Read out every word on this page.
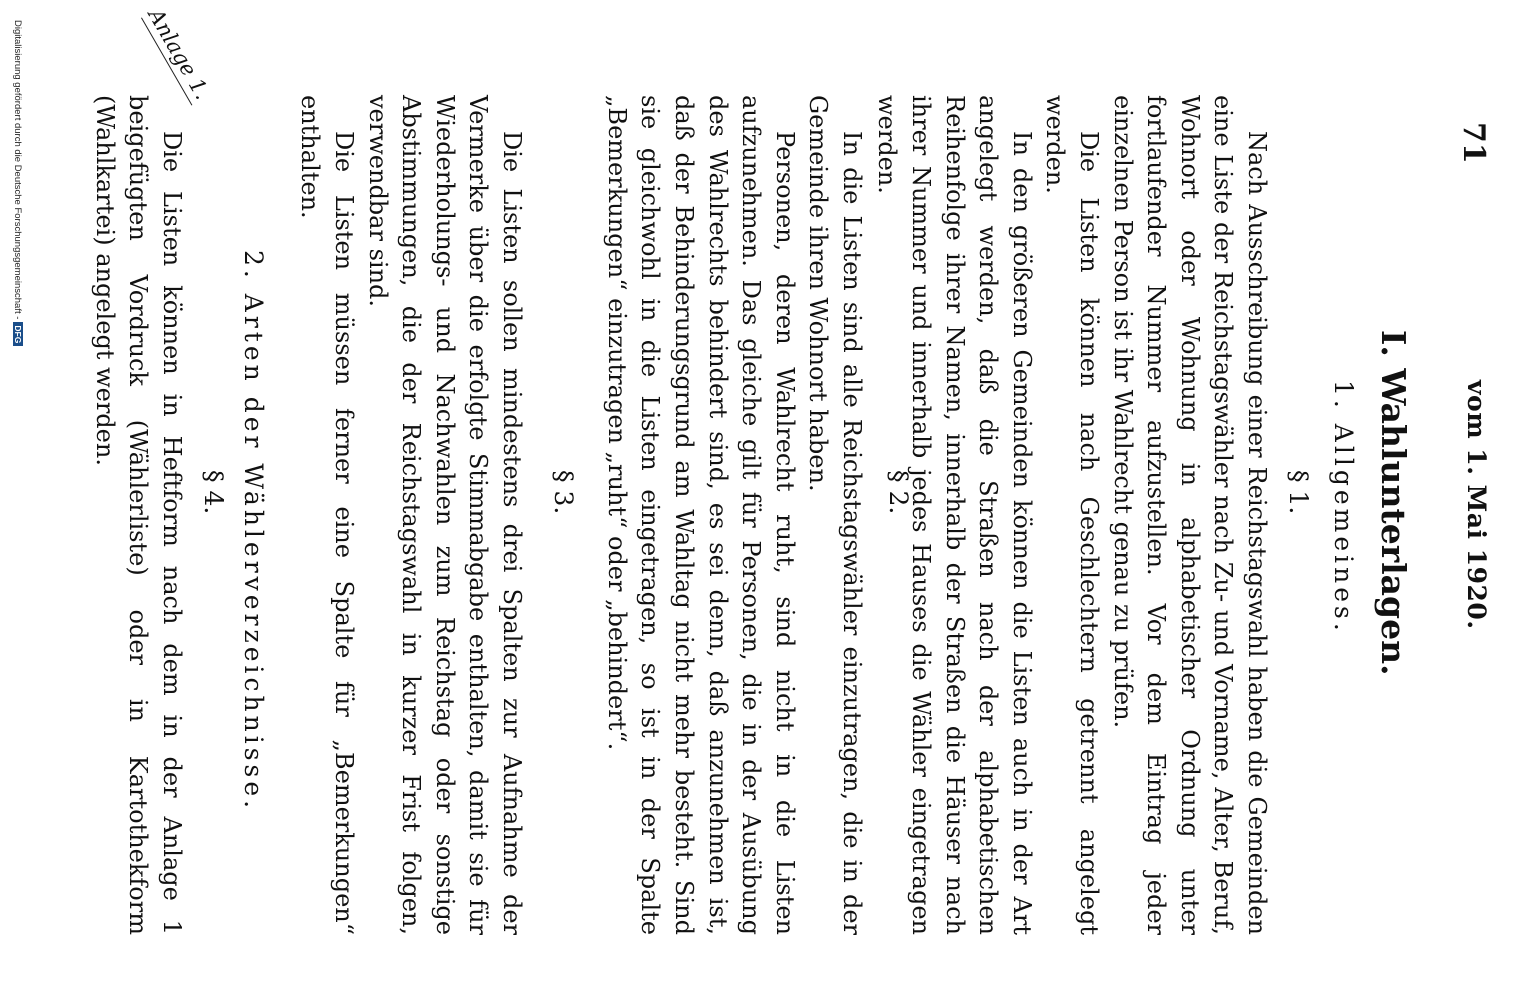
vom 1. Mai 1920.
71
I. Wahlunterlagen.
1. Allgemeines.
§ 1.

Nach Ausschreibung einer Reichstagswahl haben die Gemeinden eine Liste der Reichstagswähler nach Zu- und Vorname, Alter, Beruf, Wohnort oder Wohnung in alphabetischer Ordnung unter fortlaufender Nummer aufzustellen. Vor dem Eintrag jeder einzelnen Person ist ihr Wahlrecht genau zu prüfen.

Die Listen können nach Geschlechtern getrennt angelegt werden.

In den größeren Gemeinden können die Listen auch in der Art angelegt werden, daß die Straßen nach der alphabetischen Reihenfolge ihrer Namen, innerhalb der Straßen die Häuser nach ihrer Nummer und innerhalb jedes Hauses die Wähler eingetragen werden.

§ 2.

In die Listen sind alle Reichstagswähler einzutragen, die in der Gemeinde ihren Wohnort haben.

Personen, deren Wahlrecht ruht, sind nicht in die Listen aufzunehmen. Das gleiche gilt für Personen, die in der Ausübung des Wahlrechts behindert sind, es sei denn, daß anzunehmen ist, daß der Behinderungsgrund am Wahltag nicht mehr besteht. Sind sie gleichwohl in die Listen eingetragen, so ist in der Spalte „Bemerkungen“ einzutragen „ruht“ oder „behindert“.

§ 3.

Die Listen sollen mindestens drei Spalten zur Aufnahme der Vermerke über die erfolgte Stimmabgabe enthalten, damit sie für Wiederholungs- und Nachwahlen zum Reichstag oder sonstige Abstimmungen, die der Reichstagswahl in kurzer Frist folgen, verwendbar sind.

Die Listen müssen ferner eine Spalte für „Bemerkungen“ enthalten.

2. Arten der Wählerverzeichnisse.
§ 4.

Die Listen können in Heftform nach dem in der Anlage 1 beigefügten Vordruck (Wählerliste) oder in Kartothekform (Wahlkartei) angelegt werden.

Anlage 1.
Digitalisierung gefördert durch die Deutsche Forschungsgemeinschaft -DFG
